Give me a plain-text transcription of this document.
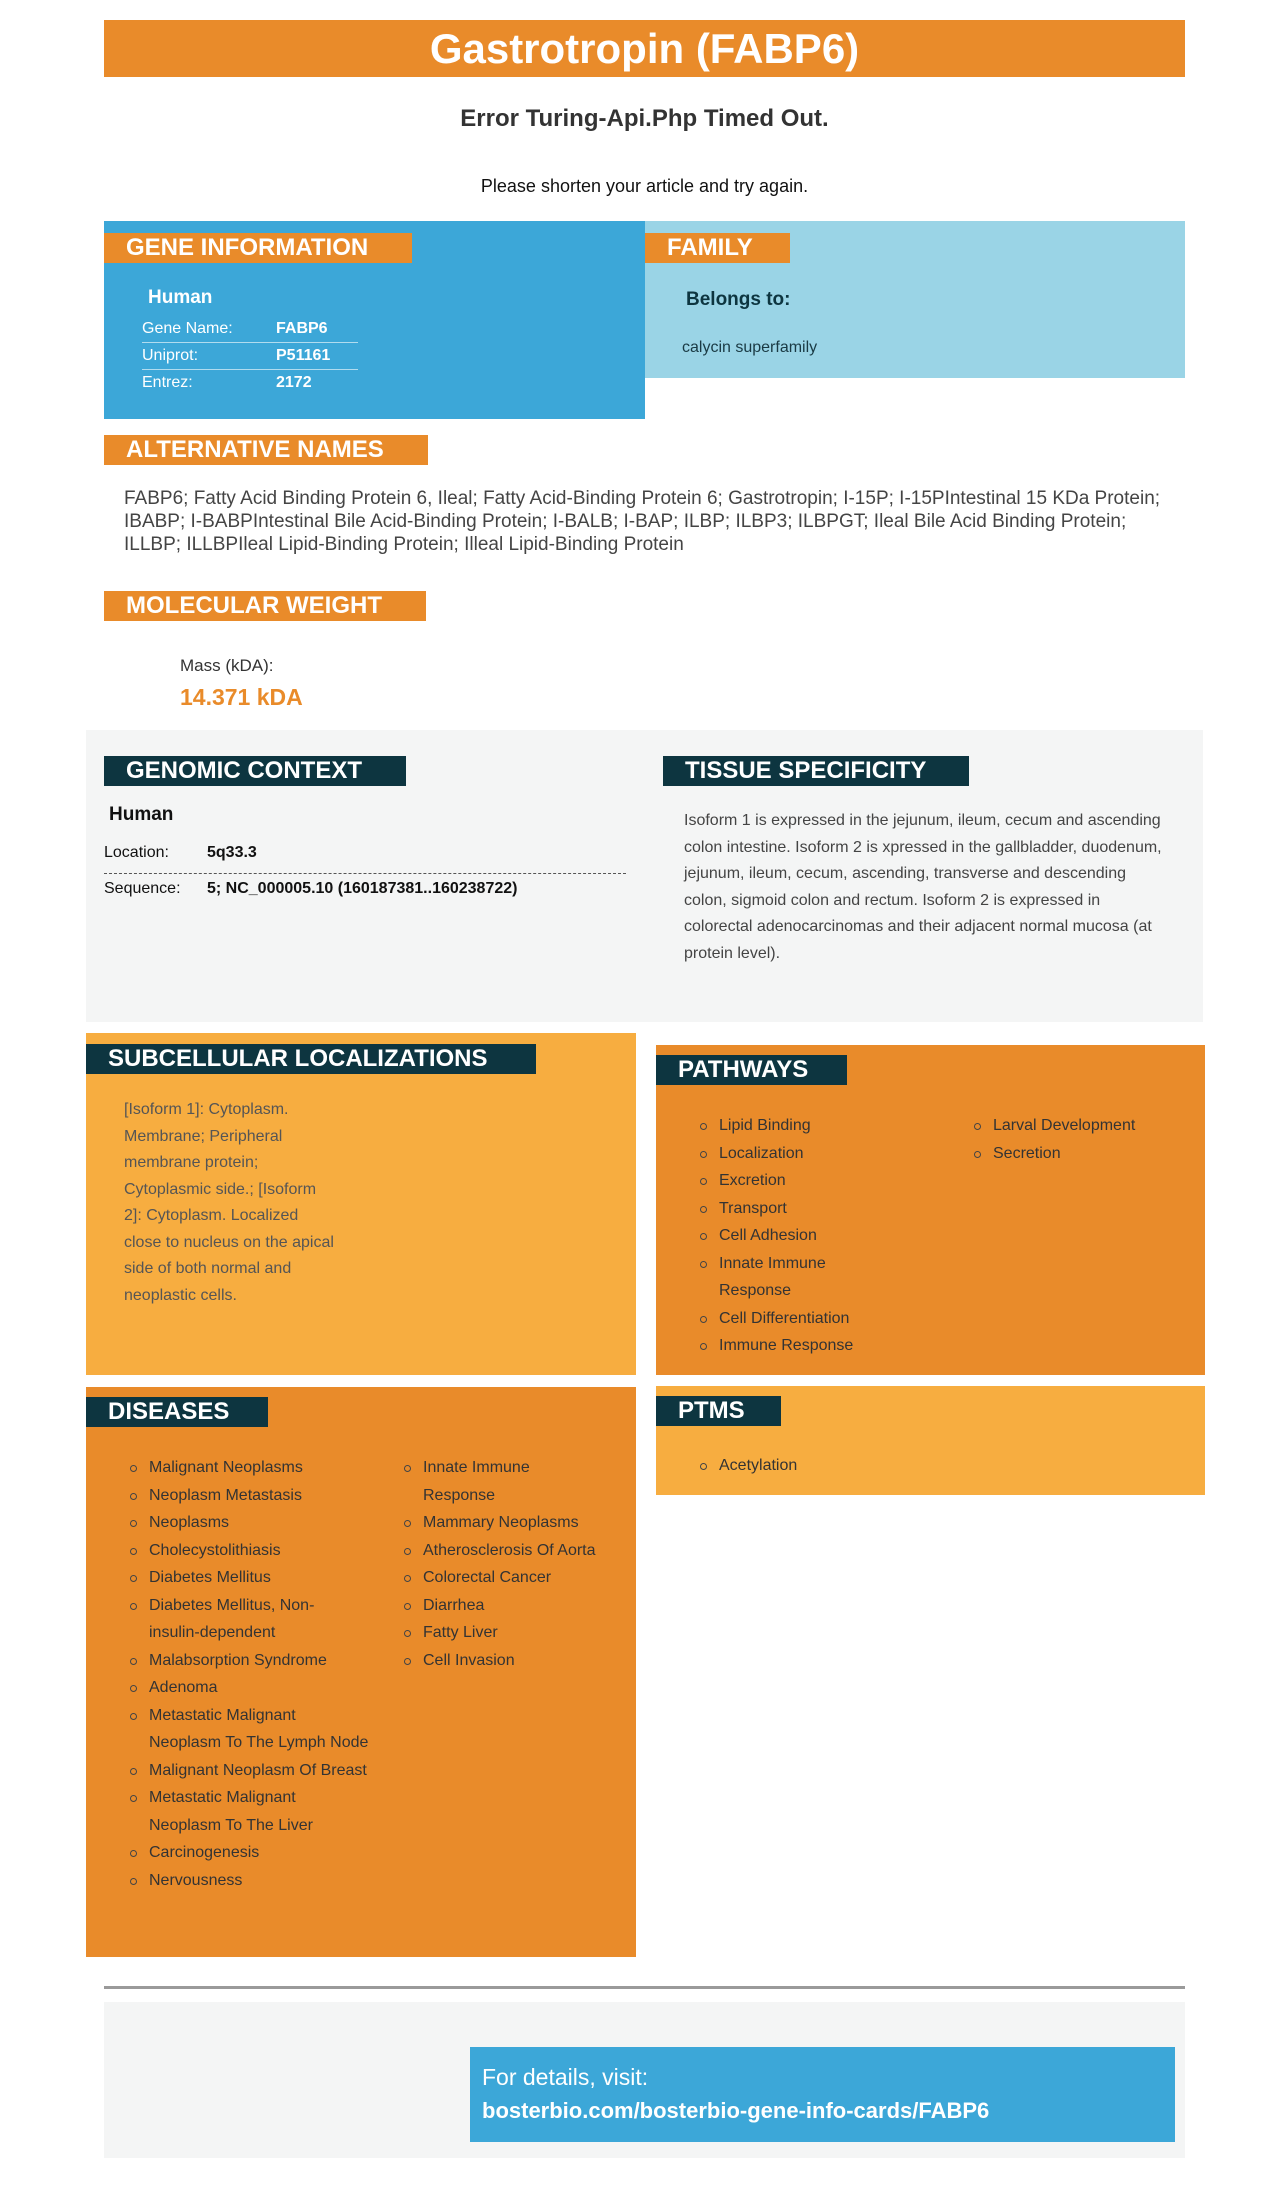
Gastrotropin (FABP6)
Error Turing-Api.Php Timed Out.
Please shorten your article and try again.
GENE INFORMATION
Human
Gene Name:	FABP6
Uniprot:	P51161
Entrez:	2172
FAMILY
Belongs to:
calycin superfamily
ALTERNATIVE NAMES
FABP6; Fatty Acid Binding Protein 6, Ileal; Fatty Acid-Binding Protein 6; Gastrotropin; I-15P; I-15PIntestinal 15 KDa Protein; IBABP; I-BABPIntestinal Bile Acid-Binding Protein; I-BALB; I-BAP; ILBP; ILBP3; ILBPGT; Ileal Bile Acid Binding Protein; ILLBP; ILLBPIleal Lipid-Binding Protein; Illeal Lipid-Binding Protein
MOLECULAR WEIGHT
Mass (kDA):
14.371 kDA
GENOMIC CONTEXT
Human
Location: 5q33.3
Sequence: 5; NC_000005.10 (160187381..160238722)
TISSUE SPECIFICITY
Isoform 1 is expressed in the jejunum, ileum, cecum and ascending colon intestine. Isoform 2 is xpressed in the gallbladder, duodenum, jejunum, ileum, cecum, ascending, transverse and descending colon, sigmoid colon and rectum. Isoform 2 is expressed in colorectal adenocarcinomas and their adjacent normal mucosa (at protein level).
SUBCELLULAR LOCALIZATIONS
[Isoform 1]: Cytoplasm. Membrane; Peripheral membrane protein; Cytoplasmic side.; [Isoform 2]: Cytoplasm. Localized close to nucleus on the apical side of both normal and neoplastic cells.
PATHWAYS
Lipid Binding
Localization
Excretion
Transport
Cell Adhesion
Innate Immune Response
Cell Differentiation
Immune Response
Larval Development
Secretion
DISEASES
Malignant Neoplasms
Neoplasm Metastasis
Neoplasms
Cholecystolithiasis
Diabetes Mellitus
Diabetes Mellitus, Non-insulin-dependent
Malabsorption Syndrome
Adenoma
Metastatic Malignant Neoplasm To The Lymph Node
Malignant Neoplasm Of Breast
Metastatic Malignant Neoplasm To The Liver
Carcinogenesis
Nervousness
Innate Immune Response
Mammary Neoplasms
Atherosclerosis Of Aorta
Colorectal Cancer
Diarrhea
Fatty Liver
Cell Invasion
PTMS
Acetylation
For details, visit:
bosterbio.com/bosterbio-gene-info-cards/FABP6
